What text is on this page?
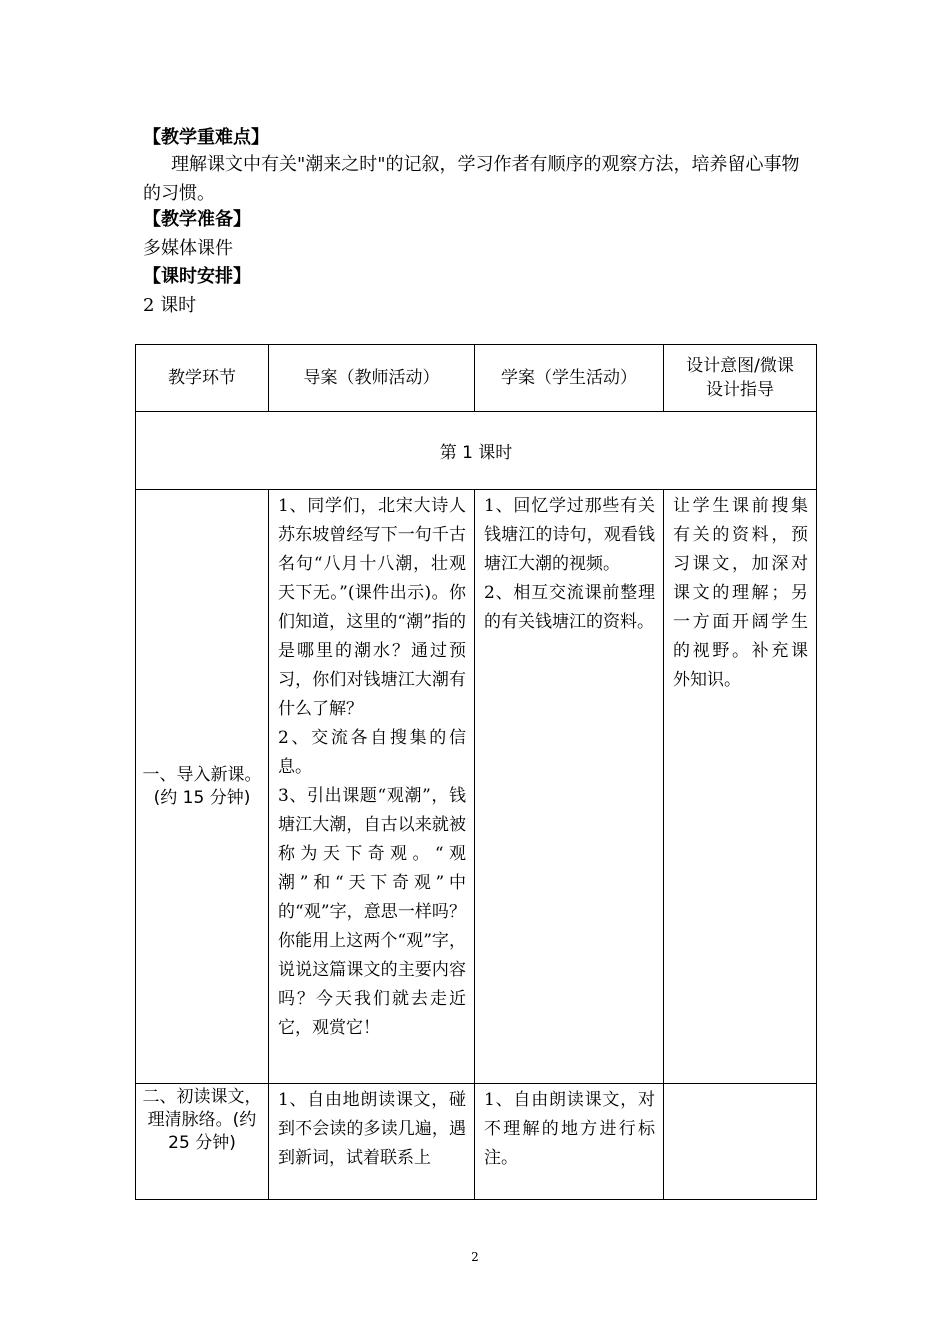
【教学重难点】
理解课文中有关"潮来之时"的记叙，学习作者有顺序的观察方法，培养留心事物的习惯。
【教学准备】
多媒体课件
【课时安排】
2 课时
教学环节	导案（教师活动）	学案（学生活动）	设计意图/微课设计指导
第 1 课时			
一、导入新课。(约 15 分钟)	1、同学们，北宋大诗人苏东坡曾经写下一句千古名句“八月十八潮，壮观天下无。”(课件出示)。你们知道，这里的“潮”指的是哪里的潮水？通过预习，你们对钱塘江大潮有什么了解？
2、交流各自搜集的信息。
3、引出课题“观潮”，钱塘江大潮，自古以来就被称为天下奇观。“观潮”和“天下奇观”中的“观”字，意思一样吗？你能用上这两个“观”字，说说这篇课文的主要内容吗？今天我们就去走近它，观赏它！	1、回忆学过那些有关钱塘江的诗句，观看钱塘江大潮的视频。
2、相互交流课前整理的有关钱塘江的资料。	让学生课前搜集有关的资料，预习课文，加深对课文的理解；另一方面开阔学生的视野。补充课外知识。

二、初读课文，理清脉络。(约 25 分钟)	1、自由地朗读课文，碰到不会读的多读几遍，遇到新词，试着联系上	1、自由朗读课文，对不理解的地方进行标注。	

2
